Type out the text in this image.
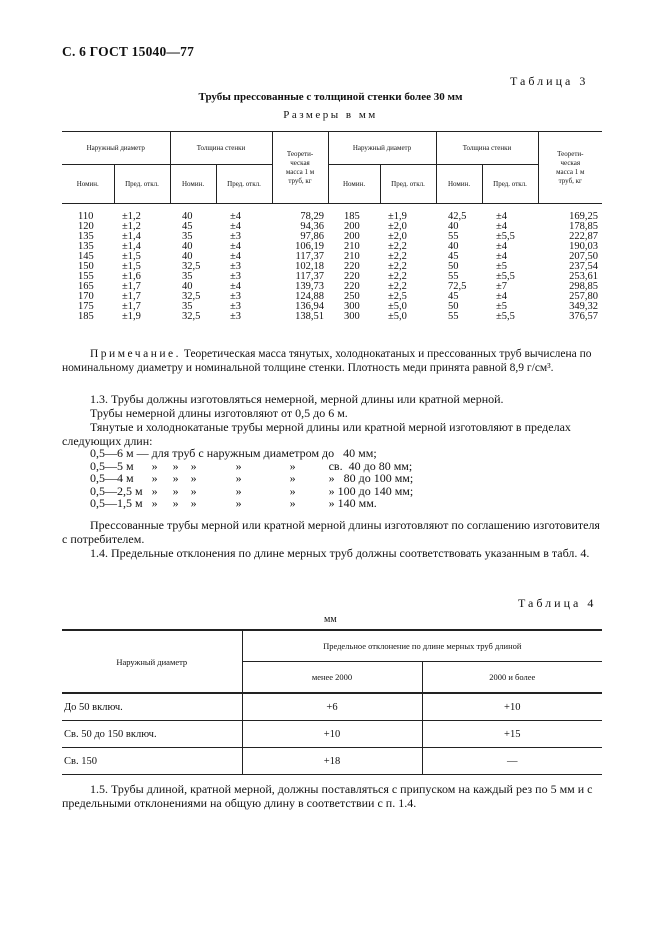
С. 6 ГОСТ 15040—77
Таблица 3
Трубы прессованные с толщиной стенки более 30 мм
Размеры в мм
Наружный диаметр		Толщина стенки		Теорети-
ческая
масса 1 м
труб, кг	Наружный диаметр		Толщина стенки		Теорети-
ческая
масса 1 м
труб, кг
Номин.	Пред. откл.	Номин.	Пред. откл.		Номин.	Пред. откл.	Номин.	Пред. откл.	
110	±1,2	40	±4	78,29	185	±1,9	42,5	±4	169,25
120	±1,2	45	±4	94,36	200	±2,0	40	±4	178,85
135	±1,4	35	±3	97,86	200	±2,0	55	±5,5	222,87
135	±1,4	40	±4	106,19	210	±2,2	40	±4	190,03
145	±1,5	40	±4	117,37	210	±2,2	45	±4	207,50
150	±1,5	32,5	±3	102,18	220	±2,2	50	±5	237,54
155	±1,6	35	±3	117,37	220	±2,2	55	±5,5	253,61
165	±1,7	40	±4	139,73	220	±2,2	72,5	±7	298,85
170	±1,7	32,5	±3	124,88	250	±2,5	45	±4	257,80
175	±1,7	35	±3	136,94	300	±5,0	50	±5	349,32
185	±1,9	32,5	±3	138,51	300	±5,0	55	±5,5	376,57
Примечание. Теоретическая масса тянутых, холоднокатаных и прессованных труб вычислена по номинальному диаметру и номинальной толщине стенки. Плотность меди принята равной 8,9 г/см³.
1.3. Трубы должны изготовляться немерной, мерной длины или кратной мерной.
Трубы немерной длины изготовляют от 0,5 до 6 м.
Тянутые и холоднокатаные трубы мерной длины или кратной мерной изготовляют в пределах следующих длин:
0,5—6 м — для труб с наружным диаметром до   40 мм;
0,5—5 м      »     »    »             »                »           св.  40 до 80 мм;
0,5—4 м      »     »    »             »                »           »   80 до 100 мм;
0,5—2,5 м   »     »    »             »                »           » 100 до 140 мм;
0,5—1,5 м   »     »    »             »                »           » 140 мм.
Прессованные трубы мерной или кратной мерной длины изготовляют по соглашению изготовителя с потребителем.
1.4. Предельные отклонения по длине мерных труб должны соответствовать указанным в табл. 4.
Таблица 4
мм
Наружный диаметр	Предельное отклонение по длине мерных труб длиной	
	менее 2000	2000 и более
До 50 включ.	+6	+10
Св. 50 до 150 включ.	+10	+15
Св. 150	+18	—
1.5. Трубы длиной, кратной мерной, должны поставляться с припуском на каждый рез по 5 мм и с предельными отклонениями на общую длину в соответствии с п. 1.4.
